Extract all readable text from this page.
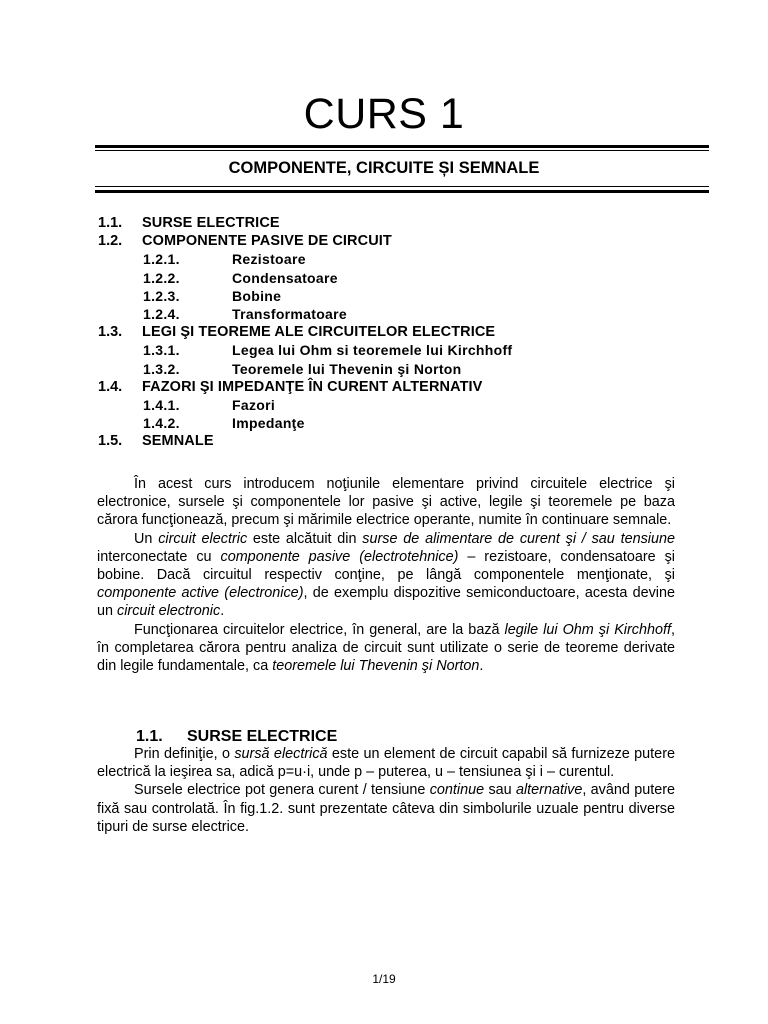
CURS 1
COMPONENTE, CIRCUITE ȘI SEMNALE
1.1. SURSE ELECTRICE
1.2. COMPONENTE PASIVE DE CIRCUIT
1.2.1.	Rezistoare
1.2.2.	Condensatoare
1.2.3.	Bobine
1.2.4.	Transformatoare
1.3. LEGI ŞI TEOREME ALE CIRCUITELOR ELECTRICE
1.3.1.	Legea lui Ohm si teoremele lui Kirchhoff
1.3.2.	Teoremele lui Thevenin şi Norton
1.4. FAZORI ŞI IMPEDANŢE ÎN CURENT ALTERNATIV
1.4.1.	Fazori
1.4.2.	Impedanţe
1.5. SEMNALE

În acest curs introducem noţiunile elementare privind circuitele electrice şi electronice, sursele şi componentele lor pasive şi active, legile şi teoremele pe baza cărora funcţionează, precum şi mărimile electrice operante, numite în continuare semnale.

Un circuit electric este alcătuit din surse de alimentare de curent şi / sau tensiune interconectate cu componente pasive (electrotehnice) – rezistoare, condensatoare şi bobine. Dacă circuitul respectiv conţine, pe lângă componentele menţionate, şi componente active (electronice), de exemplu dispozitive semiconductoare, acesta devine un circuit electronic.

Funcţionarea circuitelor electrice, în general, are la bază legile lui Ohm şi Kirchhoff, în completarea cărora pentru analiza de circuit sunt utilizate o serie de teoreme derivate din legile fundamentale, ca teoremele lui Thevenin şi Norton.

1.1. SURSE ELECTRICE

Prin definiţie, o sursă electrică este un element de circuit capabil să furnizeze putere electrică la ieşirea sa, adică p=u·i, unde p – puterea, u – tensiunea şi i – curentul.

Sursele electrice pot genera curent / tensiune continue sau alternative, având putere fixă sau controlată. În fig.1.2. sunt prezentate câteva din simbolurile uzuale pentru diverse tipuri de surse electrice.

1/19
